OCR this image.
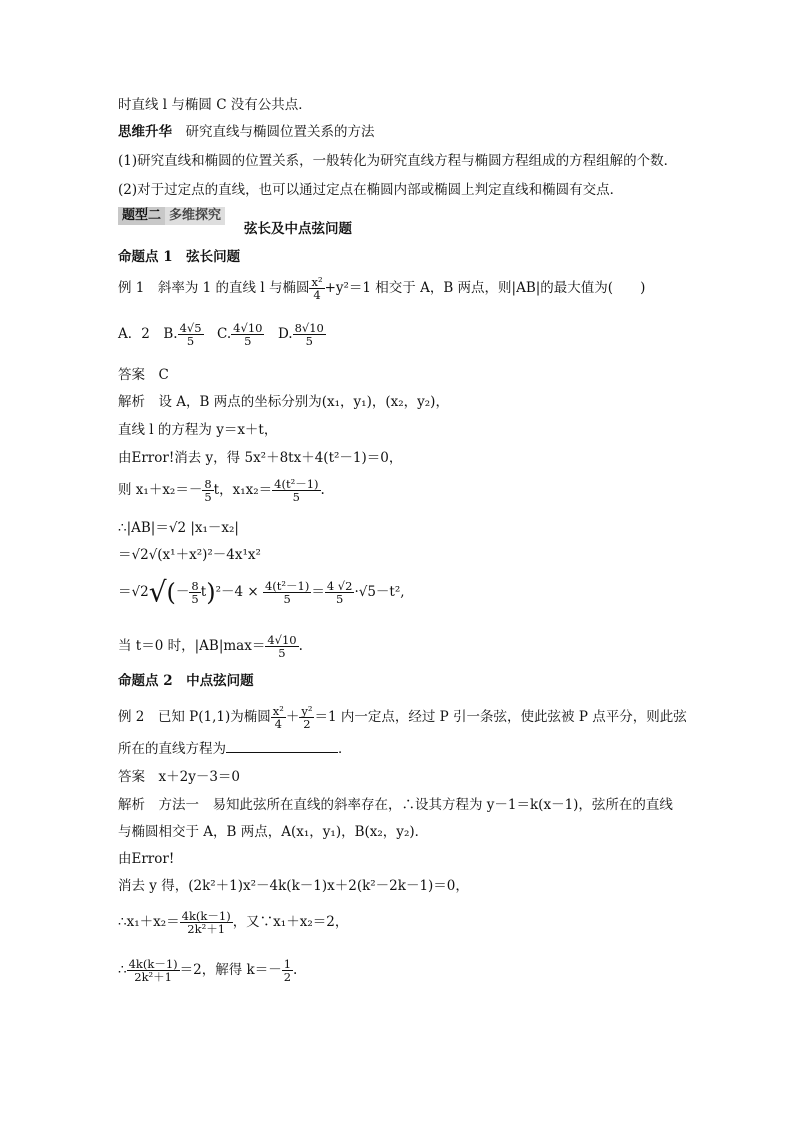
时直线 l 与椭圆 C 没有公共点．
思维升华　 研究直线与椭圆位置关系的方法
(1)研究直线和椭圆的位置关系，一般转化为研究直线方程与椭圆方程组成的方程组解的个数．
(2)对于过定点的直线，也可以通过定点在椭圆内部或椭圆上判定直线和椭圆有交点．
题型二 多维探究
弦长及中点弦问题
命题点 1　弦长问题
例 1　斜率为 1 的直线 l 与椭圆 $\frac{\text{x²}}{4} +y^2=1$ 相交于 A，B 两点，则|AB|的最大值为(　　)
A．2　B. $\frac{4√5}{5}$
　 C. $\frac{4√10}{5}$
　 D. $\frac{8√10}{5}$
答案　C
解析　设 A，B 两点的坐标分别为(x₁，y₁)，(x₂，y₂)，
直线 l 的方程为 y＝x＋t，
由Error!消去 y，得 5x²＋8tx＋4(t²－1)＝0，
则 $x_1+x_2=- \frac{8}{5}$ t，$x_1x_2= \frac{\text{4(t²－1)}}{5}$ .
∴|AB|＝√2 |x₁－x₂|
＝√2√(x¹＋x²)²－4x¹x²
$=√2√(- \frac{8}{5} t)^2-4 \times \frac{\text{4(t²－1)}}{5} = \frac{4 √2}{5} \cdot√5-t^2$,
当 t＝0 时，$|AB|\max= \frac{4√10}{5}$ .
命题点 2　中点弦问题
例 2　已知 P(1,1)为椭圆 $\frac{\text{x²}}{4} + \frac{\text{y²}}{2} =1$ 内一定点，经过 P 引一条弦，使此弦被 P 点平分，则此弦
所在的直线方程为	．
答案　x＋2y－3＝0
解析　方法一　易知此弦所在直线的斜率存在，∴设其方程为 y－1＝k(x－1)，弦所在的直线
与椭圆相交于 A，B 两点，A(x₁，y₁)，B(x₂，y₂)．
由Error!
消去 y 得，(2k²＋1)x²－4k(k－1)x＋2(k²－2k－1)＝0，
∴x₁＋x₂＝ $\frac{4k(k-1)}{\text{2k²＋1}}$ ，又∵x₁＋x₂＝2，
∴ $\frac{4k(k-1)}{\text{2k²＋1}} =2$，解得 $k=- \frac{1}{2}$ .
